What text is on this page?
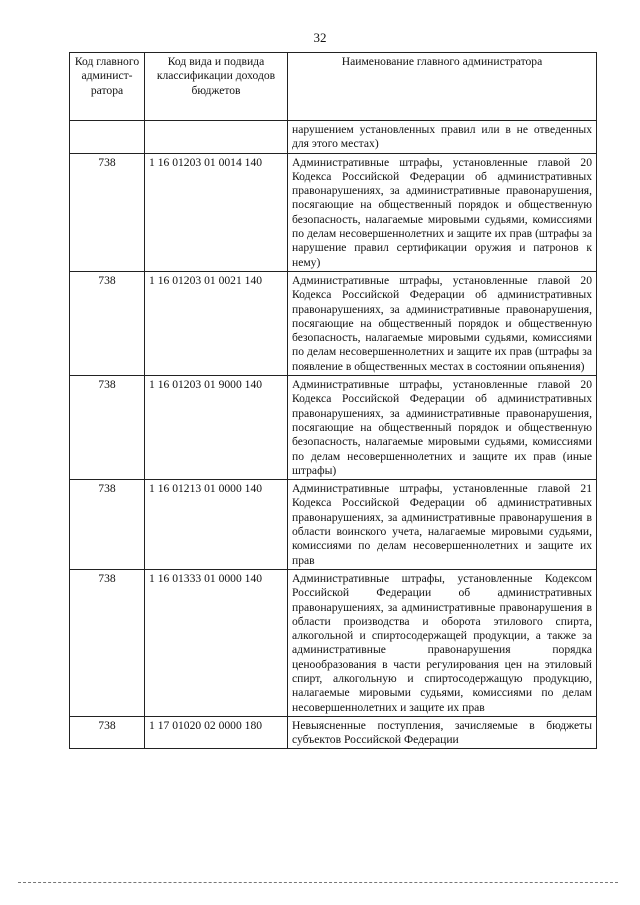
32
Код главного админист-ратора	Код вида и подвида классификации доходов бюджетов	Наименование главного администратора
		нарушением установленных правил или в не отведенных для этого местах)
738	1 16 01203 01 0014 140	Административные штрафы, установленные главой 20 Кодекса Российской Федерации об административных правонарушениях, за административные правонарушения, посягающие на общественный порядок и общественную безопасность, налагаемые мировыми судьями, комиссиями по делам несовершеннолетних и защите их прав (штрафы за нарушение правил сертификации оружия и патронов к нему)
738	1 16 01203 01 0021 140	Административные штрафы, установленные главой 20 Кодекса Российской Федерации об административных правонарушениях, за административные правонарушения, посягающие на общественный порядок и общественную безопасность, налагаемые мировыми судьями, комиссиями по делам несовершеннолетних и защите их прав (штрафы за появление в общественных местах в состоянии опьянения)
738	1 16 01203 01 9000 140	Административные штрафы, установленные главой 20 Кодекса Российской Федерации об административных правонарушениях, за административные правонарушения, посягающие на общественный порядок и общественную безопасность, налагаемые мировыми судьями, комиссиями по делам несовершеннолетних и защите их прав (иные штрафы)
738	1 16 01213 01 0000 140	Административные штрафы, установленные главой 21 Кодекса Российской Федерации об административных правонарушениях, за административные правонарушения в области воинского учета, налагаемые мировыми судьями, комиссиями по делам несовершеннолетних и защите их прав
738	1 16 01333 01 0000 140	Административные штрафы, установленные Кодексом Российской Федерации об административных правонарушениях, за административные правонарушения в области производства и оборота этилового спирта, алкогольной и спиртосодержащей продукции, а также за административные правонарушения порядка ценообразования в части регулирования цен на этиловый спирт, алкогольную и спиртосодержащую продукцию, налагаемые мировыми судьями, комиссиями по делам несовершеннолетних и защите их прав
738	1 17 01020 02 0000 180	Невыясненные поступления, зачисляемые в бюджеты субъектов Российской Федерации
